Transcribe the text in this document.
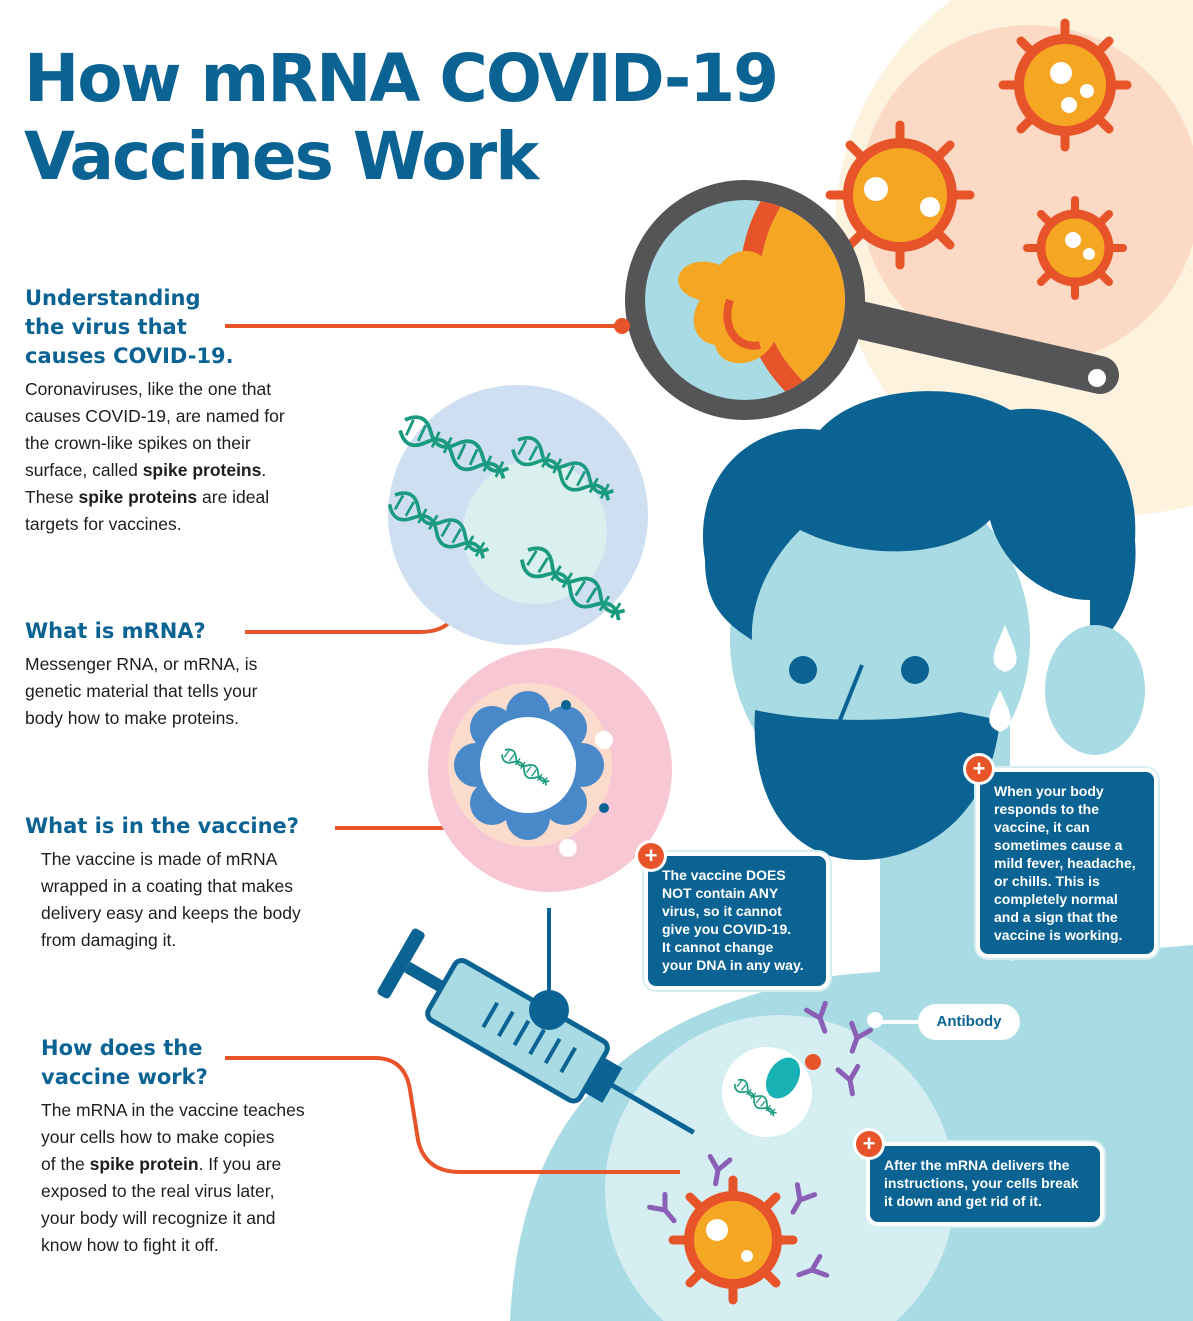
How mRNA COVID-19
Vaccines Work
Understanding
the virus that
causes COVID-19.
Coronaviruses, like the one that
causes COVID-19, are named for
the crown-like spikes on their
surface, called spike proteins.
These spike proteins are ideal
targets for vaccines.
What is mRNA?
Messenger RNA, or mRNA, is
genetic material that tells your
body how to make proteins.
What is in the vaccine?
The vaccine is made of mRNA
wrapped in a coating that makes
delivery easy and keeps the body
from damaging it.
How does the
vaccine work?
The mRNA in the vaccine teaches
your cells how to make copies
of the spike protein. If you are
exposed to the real virus later,
your body will recognize it and
know how to fight it off.
The vaccine DOES
NOT contain ANY
virus, so it cannot
give you COVID-19.
It cannot change
your DNA in any way.
+
When your body
responds to the
vaccine, it can
sometimes cause a
mild fever, headache,
or chills. This is
completely normal
and a sign that the
vaccine is working.
+
After the mRNA delivers the
instructions, your cells break
it down and get rid of it.
+
Antibody
